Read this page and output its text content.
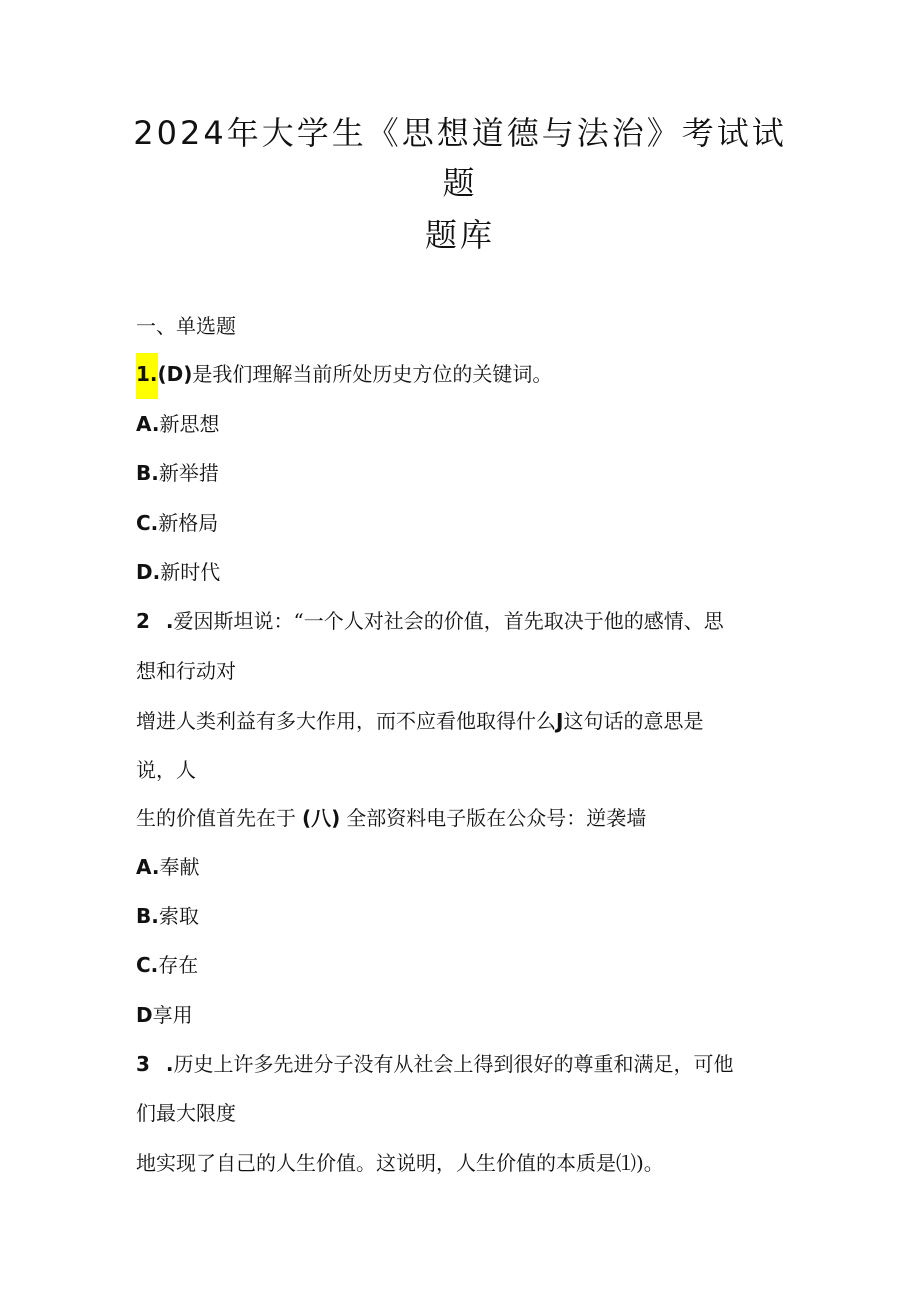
2024年大学生《思想道德与法治》考试试
题
题库
一、单选题
1.(D)是我们理解当前所处历史方位的关键词。
A.新思想
B.新举措
C.新格局
D.新时代
2 .爱因斯坦说：“一个人对社会的价值，首先取决于他的感情、思
想和行动对
增进人类利益有多大作用，而不应看他取得什么J这句话的意思是
说，人
生的价值首先在于 (八) 全部资料电子版在公众号：逆袭墙
A.奉献
B.索取
C.存在
D享用
3 .历史上许多先进分子没有从社会上得到很好的尊重和满足，可他
们最大限度
地实现了自己的人生价值。这说明，人生价值的本质是⑴)。
